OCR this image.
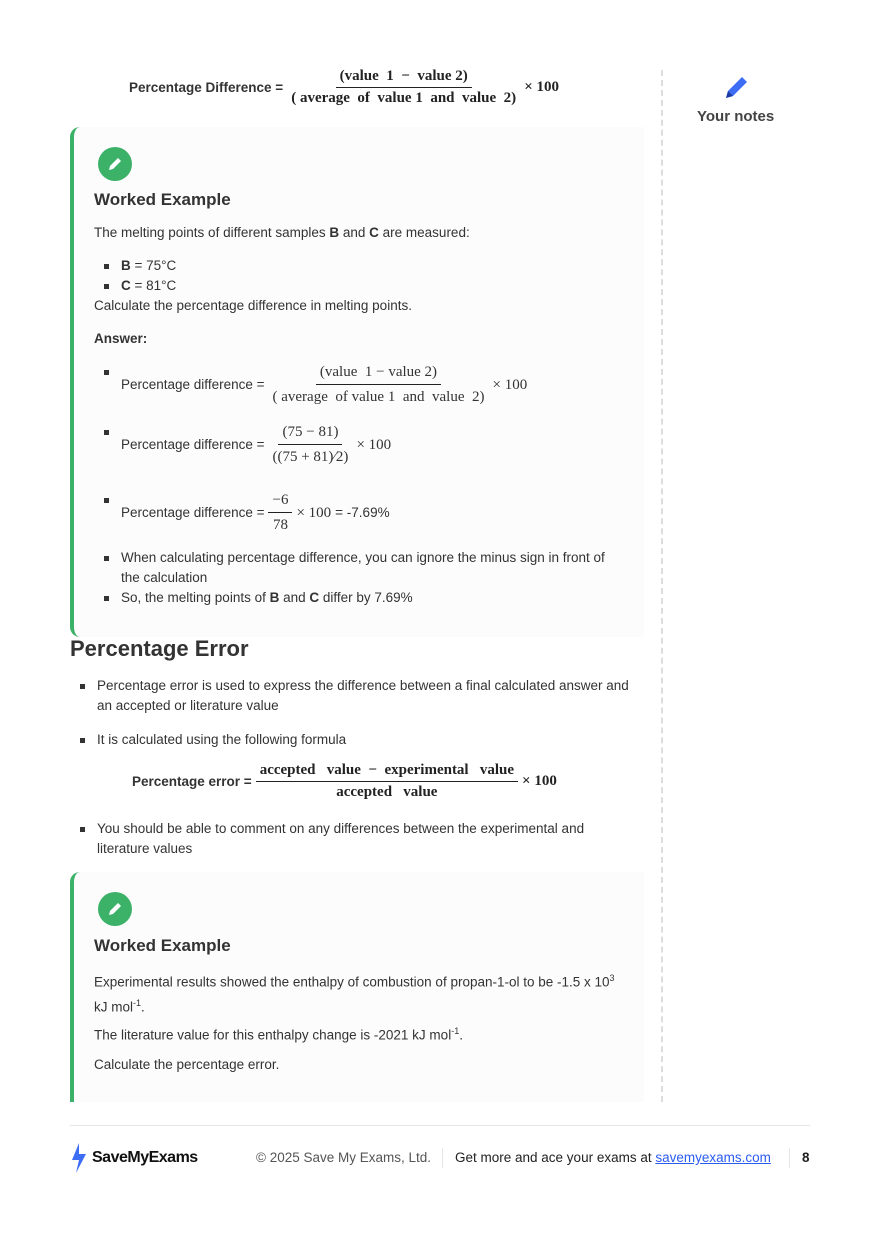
Percentage Difference = $\frac{\text{(value  1  −  value 2)}}{\text{( average  of  value 1  and  value  2)}} \times 100$
Your notes
Worked Example
The melting points of different samples B and C are measured:
B = 75°C
C = 81°C
Calculate the percentage difference in melting points.
Answer:
Percentage difference = $\frac{\text{(value  1 − value 2)}}{\text{( average  of value 1  and  value  2)}} \times 100$
Percentage difference = $\frac{(75 - 81)}{((75 + 81)∕2)} \times 100$
Percentage difference = $\frac{-6}{78} \times 100 = -7.69\%$
When calculating percentage difference, you can ignore the minus sign in front of the calculation
So, the melting points of B and C differ by 7.69%
Percentage Error
Percentage error is used to express the difference between a final calculated answer and an accepted or literature value
It is calculated using the following formula
Percentage error = $\frac{\text{accepted   value  −  experimental   value}}{\text{accepted   value}} \times 100$
You should be able to comment on any differences between the experimental and literature values
Worked Example
Experimental results showed the enthalpy of combustion of propan-1-ol to be -1.5 x $10^3$ kJ mol$^{-1}$.
The literature value for this enthalpy change is -2021 kJ mol$^{-1}$.
Calculate the percentage error.
SaveMyExams	© 2025 Save My Exams, Ltd. Get more and ace your exams at savemyexams.com 8
